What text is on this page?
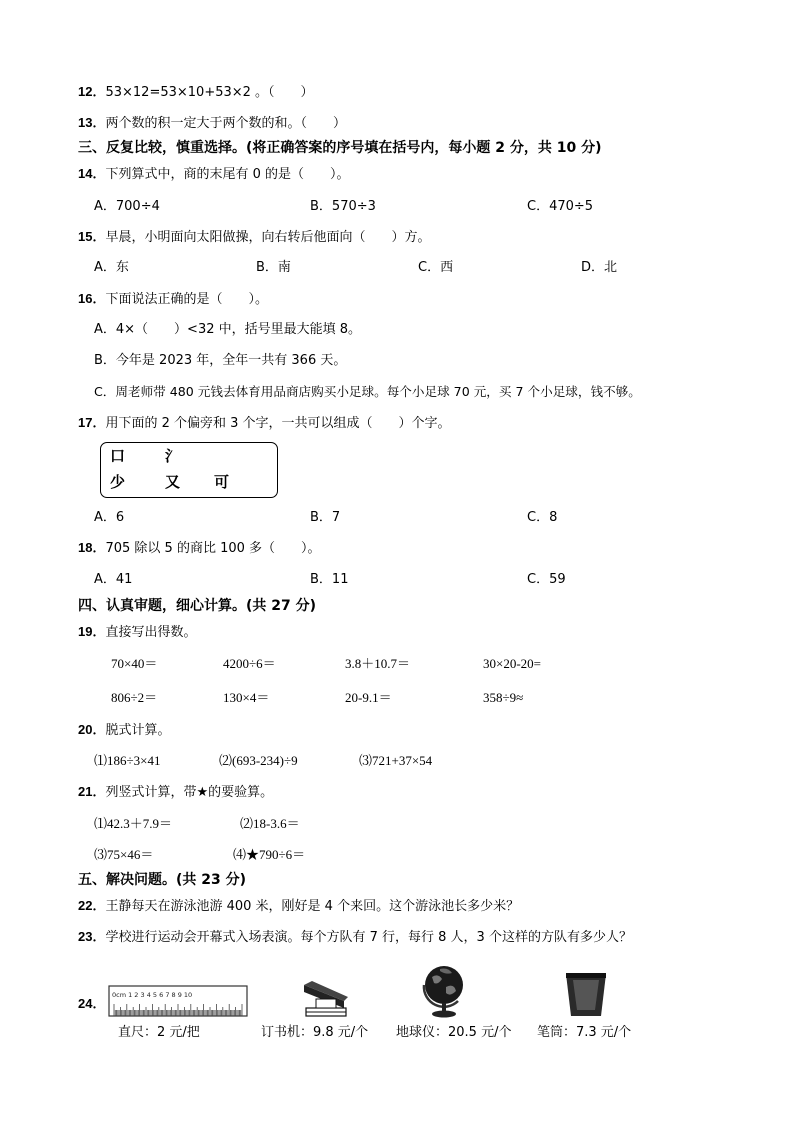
12．53×12=53×10+53×2 。（　　）
13．两个数的积一定大于两个数的和。（　　）
三、反复比较，慎重选择。(将正确答案的序号填在括号内，每小题 2 分，共 10 分)
14．下列算式中，商的末尾有 0 的是（　　）。
A．700÷4	B．570÷3	C．470÷5
15．早晨，小明面向太阳做操，向右转后他面向（　　）方。
A．东	B．南	C．西	D．北
16．下面说法正确的是（　　）。
A．4×（　　）<32 中，括号里最大能填 8。
B．今年是 2023 年，全年一共有 366 天。
C．周老师带 480 元钱去体育用品商店购买小足球。每个小足球 70 元，买 7 个小足球，钱不够。
17．用下面的 2 个偏旁和 3 个字，一共可以组成（　　）个字。
口	氵
少	又 可
A．6	B．7	C．8
18．705 除以 5 的商比 100 多（　　）。
A．41	B．11	C．59
四、认真审题，细心计算。(共 27 分)
19．直接写出得数。
70×40＝	4200÷6＝	3.8＋10.7＝	30×20-20=
806÷2＝	130×4＝	20-9.1＝	358÷9≈
20．脱式计算。
⑴186÷3×41	⑵(693-234)÷9	⑶721+37×54
21．列竖式计算，带★的要验算。
⑴42.3＋7.9＝	⑵18-3.6＝
⑶75×46＝	⑷★790÷6＝
五、解决问题。(共 23 分)
22．王静每天在游泳池游 400 米，刚好是 4 个来回。这个游泳池长多少米？
23．学校进行运动会开幕式入场表演。每个方队有 7 行，每行 8 人，3 个这样的方队有多少人？
24．
0cm 1 2 3 4 5 6 7 8 9 10
直尺：2 元/把	订书机：9.8 元/个 地球仪：20.5 元/个 笔筒：7.3 元/个
